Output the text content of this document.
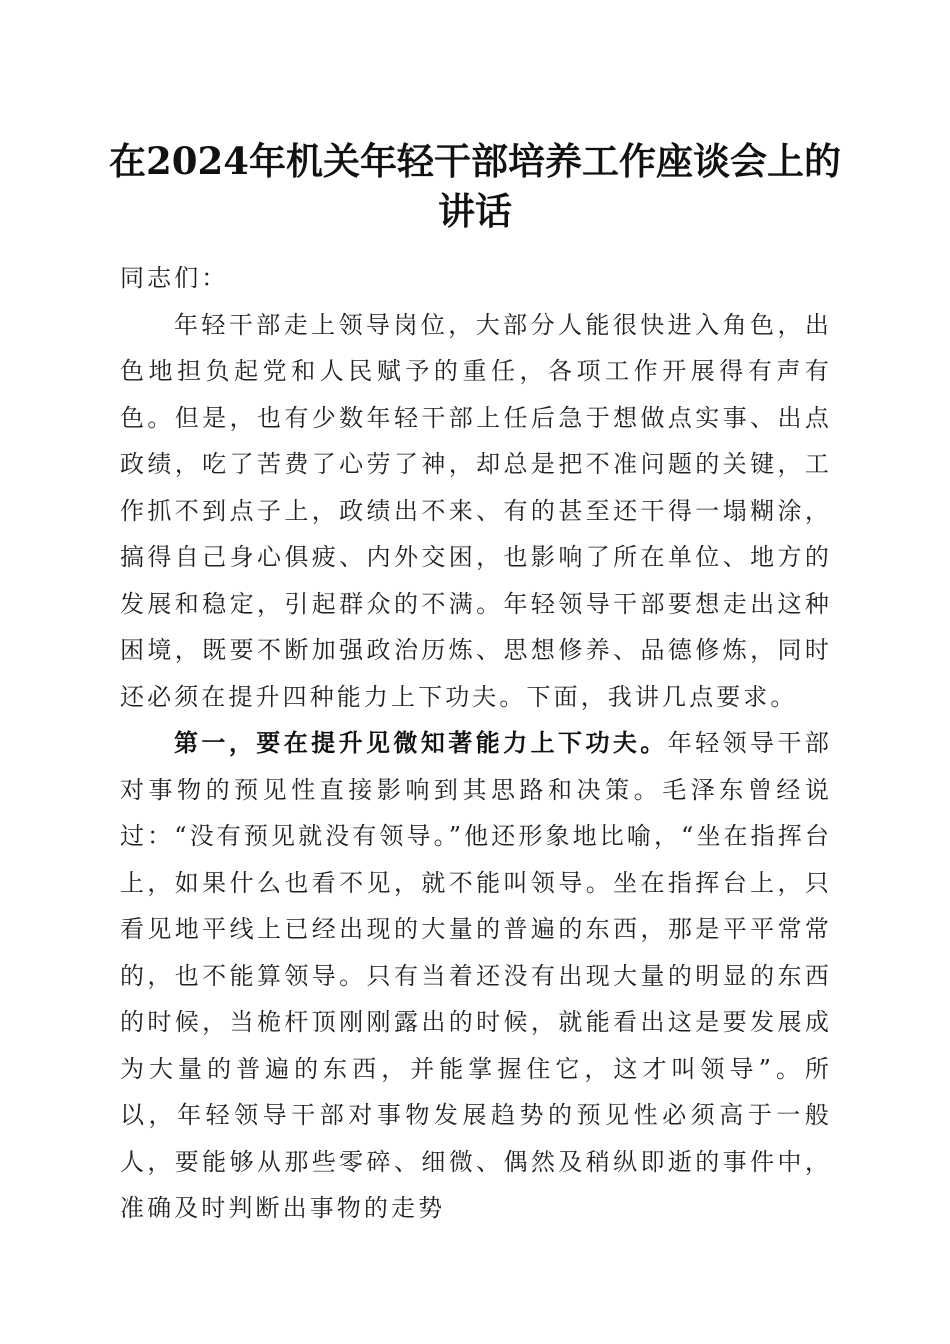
在2024年机关年轻干部培养工作座谈会上的
讲话

同志们：

年轻干部走上领导岗位，大部分人能很快进入角色，出色地担负起党和人民赋予的重任，各项工作开展得有声有色。但是，也有少数年轻干部上任后急于想做点实事、出点政绩，吃了苦费了心劳了神，却总是把不准问题的关键，工作抓不到点子上，政绩出不来、有的甚至还干得一塌糊涂，搞得自己身心俱疲、内外交困，也影响了所在单位、地方的发展和稳定，引起群众的不满。年轻领导干部要想走出这种困境，既要不断加强政治历炼、思想修养、品德修炼，同时还必须在提升四种能力上下功夫。下面，我讲几点要求。

第一，要在提升见微知著能力上下功夫。年轻领导干部对事物的预见性直接影响到其思路和决策。毛泽东曾经说过：“没有预见就没有领导。”他还形象地比喻，“坐在指挥台上，如果什么也看不见，就不能叫领导。坐在指挥台上，只看见地平线上已经出现的大量的普遍的东西，那是平平常常的，也不能算领导。只有当着还没有出现大量的明显的东西的时候，当桅杆顶刚刚露出的时候，就能看出这是要发展成为大量的普遍的东西，并能掌握住它，这才叫领导”。所以，年轻领导干部对事物发展趋势的预见性必须高于一般人，要能够从那些零碎、细微、偶然及稍纵即逝的事件中，准确及时判断出事物的走势
